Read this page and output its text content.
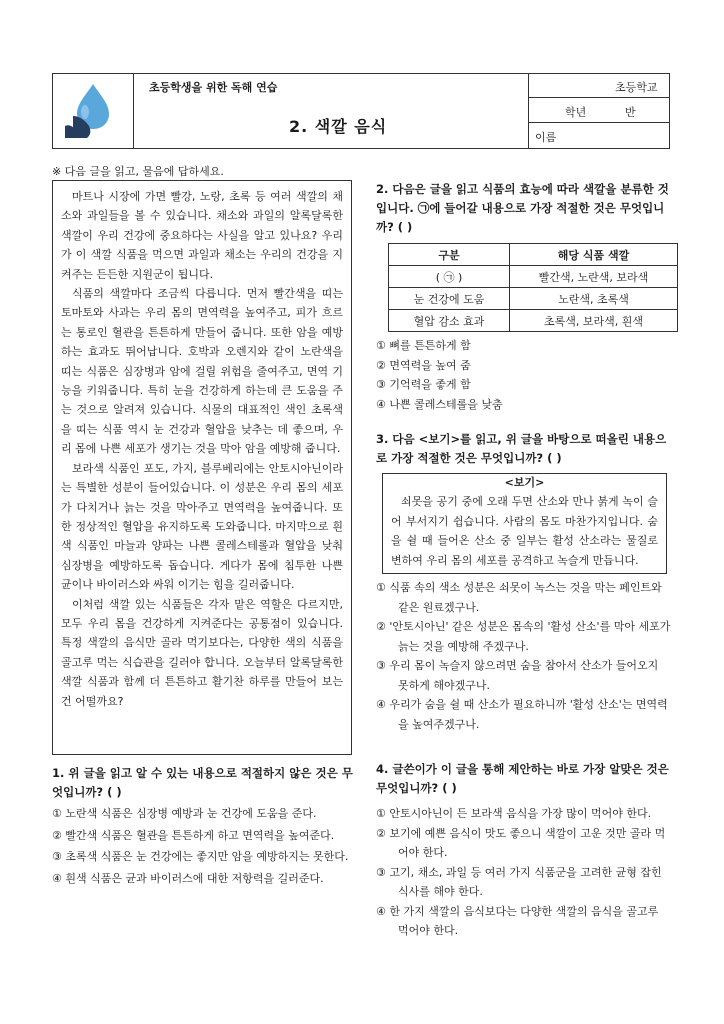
초등학생을 위한 독해 연습
2. 색깔 음식
초등학교
학년	반
이름
※ 다음 글을 읽고, 물음에 답하세요.

마트나 시장에 가면 빨강, 노랑, 초록 등 여러 색깔의 채소와 과일들을 볼 수 있습니다. 채소와 과일의 알록달록한 색깔이 우리 건강에 중요하다는 사실을 알고 있나요? 우리가 이 색깔 식품을 먹으면 과일과 채소는 우리의 건강을 지켜주는 든든한 지원군이 됩니다.

식품의 색깔마다 조금씩 다릅니다. 먼저 빨간색을 띠는 토마토와 사과는 우리 몸의 면역력을 높여주고, 피가 흐르는 통로인 혈관을 튼튼하게 만들어 줍니다. 또한 암을 예방하는 효과도 뛰어납니다. 호박과 오렌지와 같이 노란색을 띠는 식품은 심장병과 암에 걸릴 위험을 줄여주고, 면역 기능을 키워줍니다. 특히 눈을 건강하게 하는데 큰 도움을 주는 것으로 알려져 있습니다. 식물의 대표적인 색인 초록색을 띠는 식품 역시 눈 건강과 혈압을 낮추는 데 좋으며, 우리 몸에 나쁜 세포가 생기는 것을 막아 암을 예방해 줍니다.

보라색 식품인 포도, 가지, 블루베리에는 안토시아닌이라는 특별한 성분이 들어있습니다. 이 성분은 우리 몸의 세포가 다치거나 늙는 것을 막아주고 면역력을 높여줍니다. 또한 정상적인 혈압을 유지하도록 도와줍니다. 마지막으로 흰색 식품인 마늘과 양파는 나쁜 콜레스테롤과 혈압을 낮춰 심장병을 예방하도록 돕습니다. 게다가 몸에 침투한 나쁜 균이나 바이러스와 싸워 이기는 힘을 길러줍니다.

이처럼 색깔 있는 식품들은 각자 맡은 역할은 다르지만, 모두 우리 몸을 건강하게 지켜준다는 공통점이 있습니다. 특정 색깔의 음식만 골라 먹기보다는, 다양한 색의 식품을 골고루 먹는 식습관을 길러야 합니다. 오늘부터 알록달록한 색깔 식품과 함께 더 튼튼하고 활기찬 하루를 만들어 보는 건 어떨까요?

1. 위 글을 읽고 알 수 있는 내용으로 적절하지 않은 것은 무엇입니까? ( )
① 노란색 식품은 심장병 예방과 눈 건강에 도움을 준다.
② 빨간색 식품은 혈관을 튼튼하게 하고 면역력을 높여준다.
③ 초록색 식품은 눈 건강에는 좋지만 암을 예방하지는 못한다.
④ 흰색 식품은 균과 바이러스에 대한 저항력을 길러준다.
2. 다음은 글을 읽고 식품의 효능에 따라 색깔을 분류한 것입니다. ㉠에 들어갈 내용으로 가장 적절한 것은 무엇입니까? ( )
구분	해당 식품 색깔
( ㉠ )	빨간색, 노란색, 보라색
눈 건강에 도움	노란색, 초록색
혈압 감소 효과	초록색, 보라색, 흰색
① 뼈를 튼튼하게 함
② 면역력을 높여 줌
③ 기억력을 좋게 함
④ 나쁜 콜레스테롤을 낮춤
3. 다음 <보기>를 읽고, 위 글을 바탕으로 떠올린 내용으로 가장 적절한 것은 무엇입니까? ( )
<보기>
쇠못을 공기 중에 오래 두면 산소와 만나 붉게 녹이 슬어 부서지기 쉽습니다. 사람의 몸도 마찬가지입니다. 숨을 쉴 때 들어온 산소 중 일부는 활성 산소라는 물질로 변하여 우리 몸의 세포를 공격하고 녹슬게 만듭니다.
① 식품 속의 색소 성분은 쇠못이 녹스는 것을 막는 페인트와 같은 원료겠구나.
② '안토시아닌' 같은 성분은 몸속의 '활성 산소'를 막아 세포가 늙는 것을 예방해 주겠구나.
③ 우리 몸이 녹슬지 않으려면 숨을 참아서 산소가 들어오지 못하게 해야겠구나.
④ 우리가 숨을 쉴 때 산소가 필요하니까 '활성 산소'는 면역력을 높여주겠구나.
4. 글쓴이가 이 글을 통해 제안하는 바로 가장 알맞은 것은 무엇입니까? ( )
① 안토시아닌이 든 보라색 음식을 가장 많이 먹어야 한다.
② 보기에 예쁜 음식이 맛도 좋으니 색깔이 고운 것만 골라 먹어야 한다.
③ 고기, 채소, 과일 등 여러 가지 식품군을 고려한 균형 잡힌 식사를 해야 한다.
④ 한 가지 색깔의 음식보다는 다양한 색깔의 음식을 골고루 먹어야 한다.
